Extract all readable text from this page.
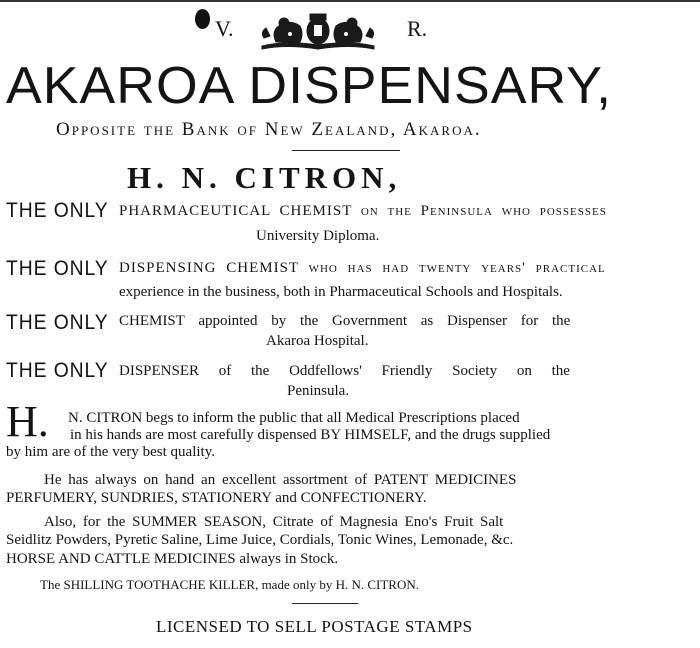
V.	R.
AKAROA DISPENSARY,
Opposite the Bank of New Zealand, Akaroa.
H. N. CITRON,
THE ONLY PHARMACEUTICAL CHEMIST on the Peninsula who possesses
University Diploma.
THE ONLY DISPENSING CHEMIST who has had twenty years' practical
experience in the business, both in Pharmaceutical Schools and Hospitals.
THE ONLY CHEMIST appointed by the Government as Dispenser for the
Akaroa Hospital.
THE ONLY DISPENSER of the Oddfellows' Friendly Society on the
Peninsula.
H. N. CITRON begs to inform the public that all Medical Prescriptions placed
in his hands are most carefully dispensed BY HIMSELF, and the drugs supplied
by him are of the very best quality.
He has always on hand an excellent assortment of PATENT MEDICINES
PERFUMERY, SUNDRIES, STATIONERY and CONFECTIONERY.
Also, for the SUMMER SEASON, Citrate of Magnesia Eno's Fruit Salt
Seidlitz Powders, Pyretic Saline, Lime Juice, Cordials, Tonic Wines, Lemonade, &c.
HORSE AND CATTLE MEDICINES always in Stock.
The SHILLING TOOTHACHE KILLER, made only by H. N. CITRON.
LICENSED TO SELL POSTAGE STAMPS
